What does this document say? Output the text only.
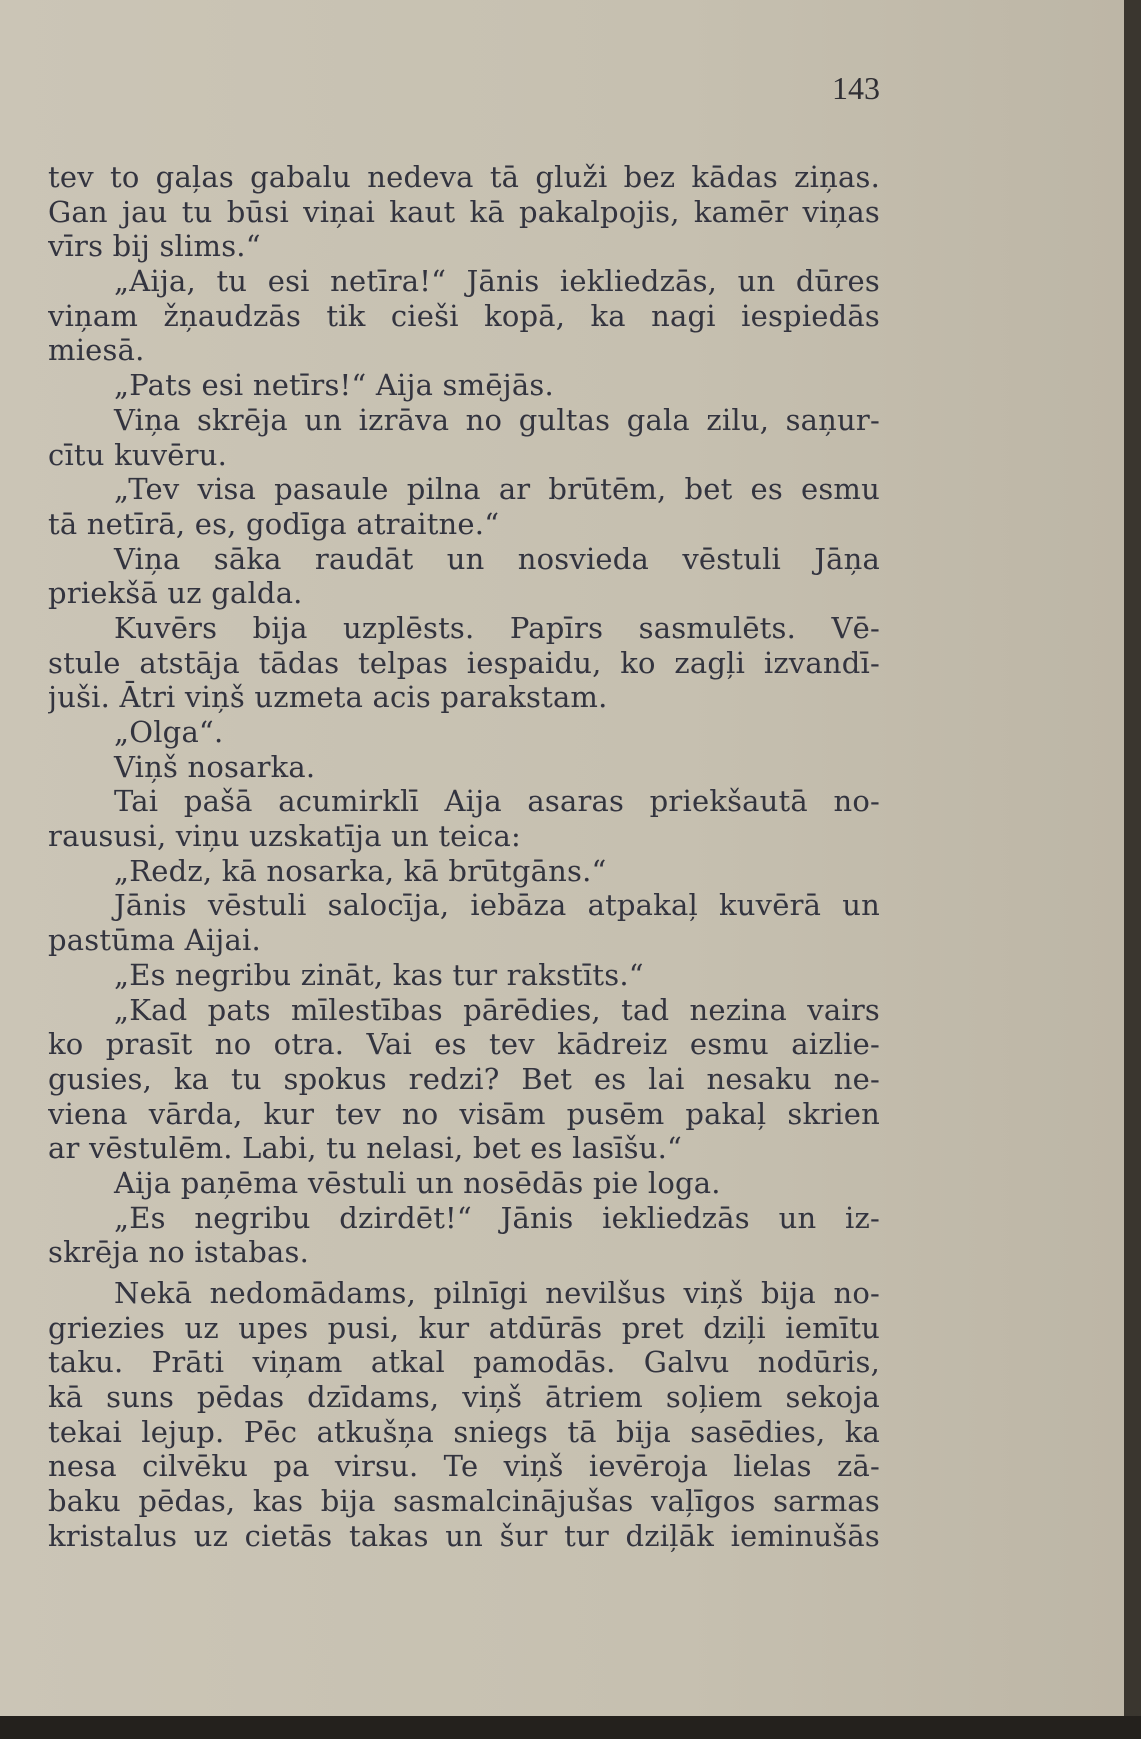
143
tev to gaļas gabalu nedeva tā gluži bez kādas ziņas.
Gan jau tu būsi viņai kaut kā pakalpojis, kamēr viņas
vīrs bij slims.“
„Aija, tu esi netīra!“ Jānis iekliedzās, un dūres
viņam žņaudzās tik cieši kopā, ka nagi iespiedās
miesā.
„Pats esi netīrs!“ Aija smējās.
Viņa skrēja un izrāva no gultas gala zilu, saņur-
cītu kuvēru.
„Tev visa pasaule pilna ar brūtēm, bet es esmu
tā netīrā, es, godīga atraitne.“
Viņa sāka raudāt un nosvieda vēstuli Jāņa
priekšā uz galda.
Kuvērs bija uzplēsts. Papīrs sasmulēts. Vē-
stule atstāja tādas telpas iespaidu, ko zagļi izvandī-
juši. Ātri viņš uzmeta acis parakstam.
„Olga“.
Viņš nosarka.
Tai pašā acumirklī Aija asaras priekšautā no-
raususi, viņu uzskatīja un teica:
„Redz, kā nosarka, kā brūtgāns.“
Jānis vēstuli salocīja, iebāza atpakaļ kuvērā un
pastūma Aijai.
„Es negribu zināt, kas tur rakstīts.“
„Kad pats mīlestības pārēdies, tad nezina vairs
ko prasīt no otra. Vai es tev kādreiz esmu aizlie-
gusies, ka tu spokus redzi? Bet es lai nesaku ne-
viena vārda, kur tev no visām pusēm pakaļ skrien
ar vēstulēm. Labi, tu nelasi, bet es lasīšu.“
Aija paņēma vēstuli un nosēdās pie loga.
„Es negribu dzirdēt!“ Jānis iekliedzās un iz-
skrēja no istabas.
Nekā nedomādams, pilnīgi nevilšus viņš bija no-
griezies uz upes pusi, kur atdūrās pret dziļi iemītu
taku. Prāti viņam atkal pamodās. Galvu nodūris,
kā suns pēdas dzīdams, viņš ātriem soļiem sekoja
tekai lejup. Pēc atkušņa sniegs tā bija sasēdies, ka
nesa cilvēku pa virsu. Te viņš ievēroja lielas zā-
baku pēdas, kas bija sasmalcinājušas vaļīgos sarmas
kristalus uz cietās takas un šur tur dziļāk ieminušās
